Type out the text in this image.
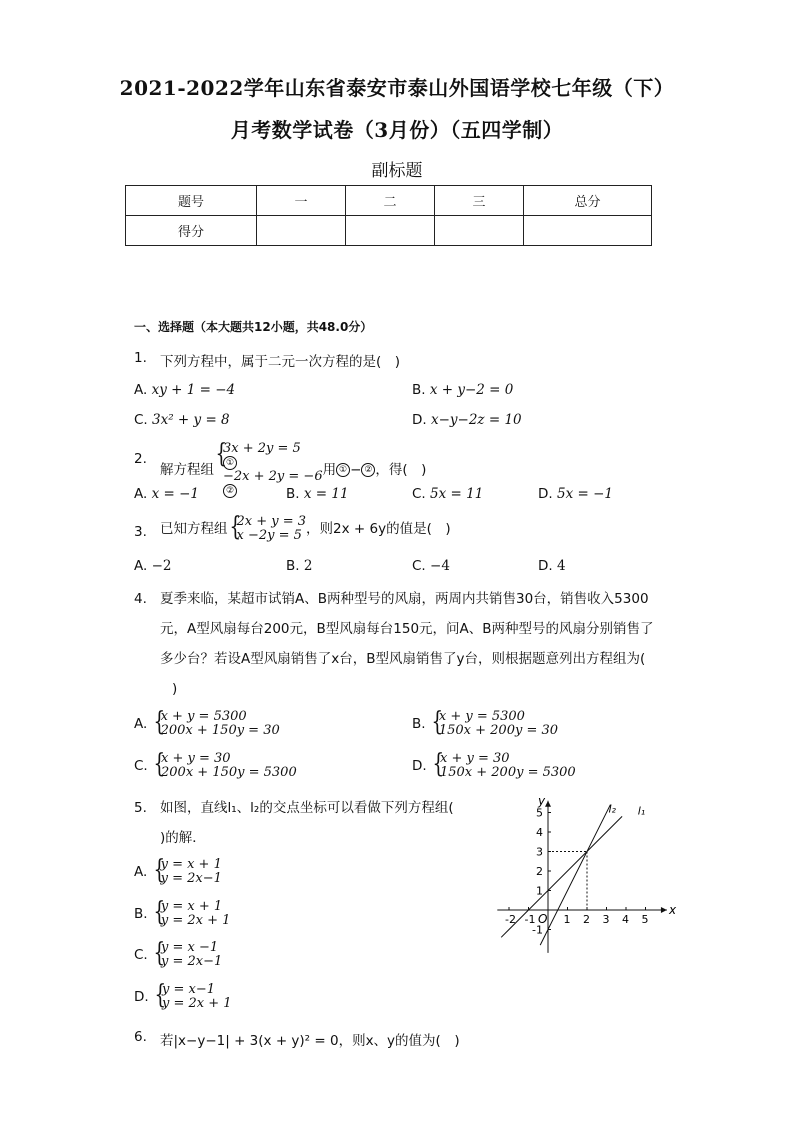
2021-2022学年山东省泰安市泰山外国语学校七年级（下）
月考数学试卷（3月份）（五四学制）
副标题
题号	一	二	三	总分
得分				
一、选择题（本大题共12小题，共48.0分）
1. 下列方程中，属于二元一次方程的是(　)
A. xy + 1 = −4	B. x + y−2 = 0
C. 3x² + y = 8	D. x−y−2z = 10
2.
解方程组
{ 3x + 2y = 5
①
−2x + 2y = −6
②
用 ① − ② ，得(　)
A. x = −1	B. x = 11	C. 5x = 11	D. 5x = −1
3. 已知方程组 { 2x + y = 3
x −2y = 5 ，则2x + 6y的值是(　)
A. −2	B. 2	C. −4	D. 4
4. 夏季来临，某超市试销A、B两种型号的风扇，两周内共销售30台，销售收入5300
元，A型风扇每台200元，B型风扇每台150元，问A、B两种型号的风扇分别销售了
多少台？若设A型风扇销售了x台，B型风扇销售了y台，则根据题意列出方程组为(
)
A. { x + y = 5300
200x + 150y = 30	B. { x + y = 5300
150x + 200y = 30
C. { x + y = 30
200x + 150y = 5300	D. { x + y = 30
150x + 200y = 5300
5. 如图，直线l₁、l₂的交点坐标可以看做下列方程组(
)的解．
A. { y = x + 1
y = 2x−1
B. { y = x + 1
y = 2x + 1
C. { y = x −1
y = 2x−1
D. { y = x−1
y = 2x + 1
x
y
O
-2 -1	1 2 3 4 5
5
4
3
2
1
-1
l₂ l₁
6. 若|x−y−1| + 3(x + y)² = 0，则x、y的值为(　)
